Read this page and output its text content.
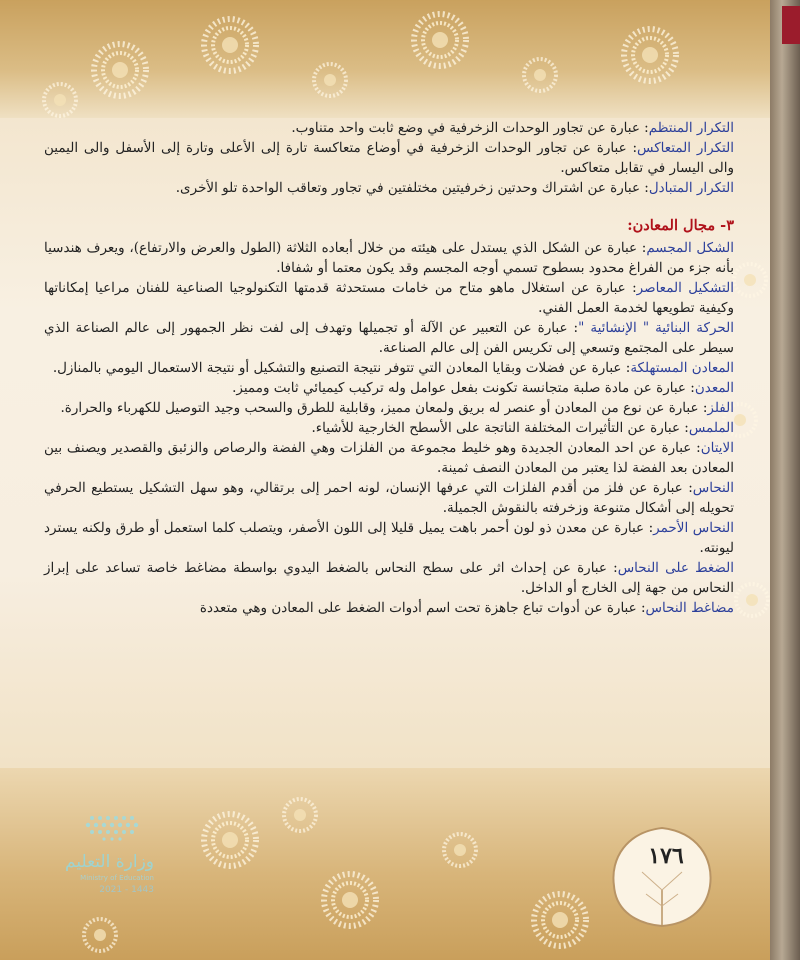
التكرار المنتظم: عبارة عن تجاور الوحدات الزخرفية في وضع ثابت واحد متناوب.

التكرار المتعاكس: عبارة عن تجاور الوحدات الزخرفية في أوضاع متعاكسة تارة إلى الأعلى وتارة إلى الأسفل والى اليمين والى اليسار في تقابل متعاكس.

التكرار المتبادل: عبارة عن اشتراك وحدتين زخرفيتين مختلفتين في تجاور وتعاقب الواحدة تلو الأخرى.

٣- مجال المعادن:

الشكل المجسم: عبارة عن الشكل الذي يستدل على هيئته من خلال أبعاده الثلاثة (الطول والعرض والارتفاع)، ويعرف هندسيا بأنه جزء من الفراغ محدود بسطوح تسمي أوجه المجسم وقد يكون معتما أو شفافا.

التشكيل المعاصر: عبارة عن استغلال ماهو متاح من خامات مستحدثة قدمتها التكنولوجيا الصناعية للفنان مراعيا إمكاناتها وكيفية تطويعها لخدمة العمل الفني.

الحركة البنائية " الإنشائية ": عبارة عن التعبير عن الآلة أو تجميلها وتهدف إلى لفت نظر الجمهور إلى عالم الصناعة الذي سيطر على المجتمع وتسعي إلى تكريس الفن إلى عالم الصناعة.

المعادن المستهلكة: عبارة عن فضلات وبقايا المعادن التي تتوفر نتيجة التصنيع والتشكيل أو نتيجة الاستعمال اليومي بالمنازل.

المعدن: عبارة عن مادة صلبة متجانسة تكونت بفعل عوامل وله تركيب كيميائي ثابت ومميز.

الفلز: عبارة عن نوع من المعادن أو عنصر له بريق ولمعان مميز، وقابلية للطرق والسحب وجيد التوصيل للكهرباء والحرارة.

الملمس: عبارة عن التأثيرات المختلفة الناتجة على الأسطح الخارجية للأشياء.

الايتان: عبارة عن احد المعادن الجديدة وهو خليط مجموعة من الفلزات وهي الفضة والرصاص والزئبق والقصدير ويصنف بين المعادن بعد الفضة لذا يعتبر من المعادن النصف ثمينة.

النحاس: عبارة عن فلز من أقدم الفلزات التي عرفها الإنسان، لونه احمر إلى برتقالي، وهو سهل التشكيل يستطيع الحرفي تحويله إلى أشكال متنوعة وزخرفته بالنقوش الجميلة.

النحاس الأحمر: عبارة عن معدن ذو لون أحمر باهت يميل قليلا إلى اللون الأصفر، ويتصلب كلما استعمل أو طرق ولكنه يسترد ليونته.

الضغط على النحاس: عبارة عن إحداث اثر على سطح النحاس بالضغط اليدوي بواسطة مضاغط خاصة تساعد على إبراز النحاس من جهة إلى الخارج أو الداخل.

مضاغط النحاس: عبارة عن أدوات تباع جاهزة تحت اسم أدوات الضغط على المعادن وهي متعددة

وزارة التعليم
Ministry of Education
2021 - 1443
١٧٦
